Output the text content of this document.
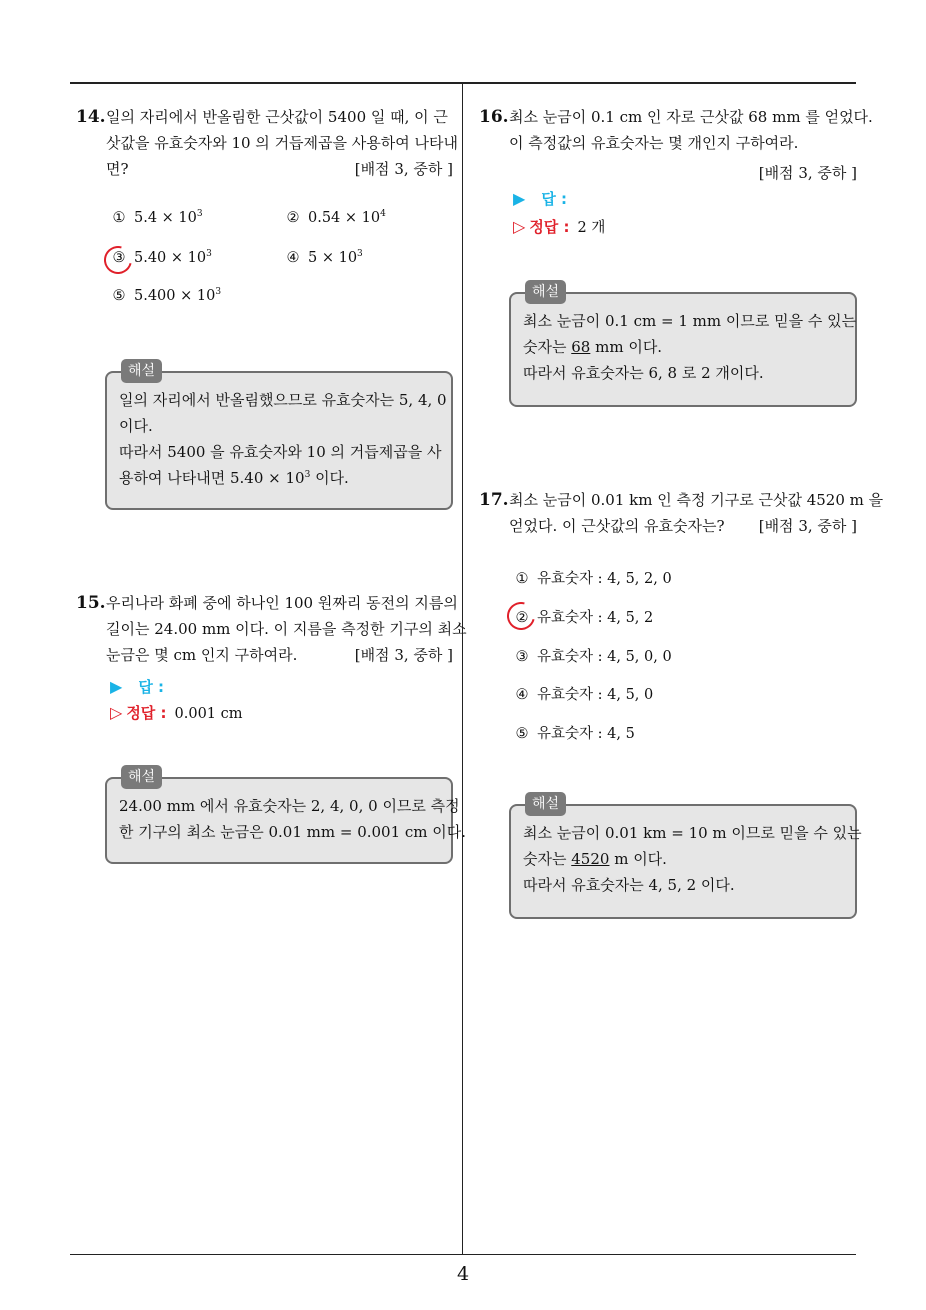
4
14. 일의 자리에서 반올림한 근삿값이 5400 일 때, 이 근
삿값을 유효숫자와 10 의 거듭제곱을 사용하여 나타내
면?	[배점 3, 중하 ]
① $5.4 \times 10^3$	② $0.54 \times 10^4$
③ $5.40 \times 10^3$	④ $5 \times 10^3$
⑤ $5.400 \times 10^3$
해설
일의 자리에서 반올림했으므로 유효숫자는 5, 4, 0
이다.
따라서 5400 을 유효숫자와 10 의 거듭제곱을 사
용하여 나타내면 $5.40 \times 10^3$ 이다.
15. 우리나라 화폐 중에 하나인 100 원짜리 동전의 지름의
길이는 24.00 mm 이다. 이 지름을 측정한 기구의 최소
눈금은 몇 cm 인지 구하여라.	[배점 3, 중하 ]
▶ 답 :
▷ 정답 : 0.001 cm
해설
24.00 mm 에서 유효숫자는 2, 4, 0, 0 이므로 측정
한 기구의 최소 눈금은 0.01 mm = 0.001 cm 이다.
16. 최소 눈금이 0.1 cm 인 자로 근삿값 68 mm 를 얻었다.
이 측정값의 유효숫자는 몇 개인지 구하여라.
[배점 3, 중하 ]
▶ 답 :
▷ 정답 : 2 개
해설
최소 눈금이 0.1 cm = 1 mm 이므로 믿을 수 있는
숫자는 68 mm 이다.
따라서 유효숫자는 6, 8 로 2 개이다.
17. 최소 눈금이 0.01 km 인 측정 기구로 근삿값 4520 m 을
얻었다. 이 근삿값의 유효숫자는?	[배점 3, 중하 ]
① 유효숫자 : 4, 5, 2, 0
② 유효숫자 : 4, 5, 2
③ 유효숫자 : 4, 5, 0, 0
④ 유효숫자 : 4, 5, 0
⑤ 유효숫자 : 4, 5
해설
최소 눈금이 0.01 km = 10 m 이므로 믿을 수 있는
숫자는 4520 m 이다.
따라서 유효숫자는 4, 5, 2 이다.
